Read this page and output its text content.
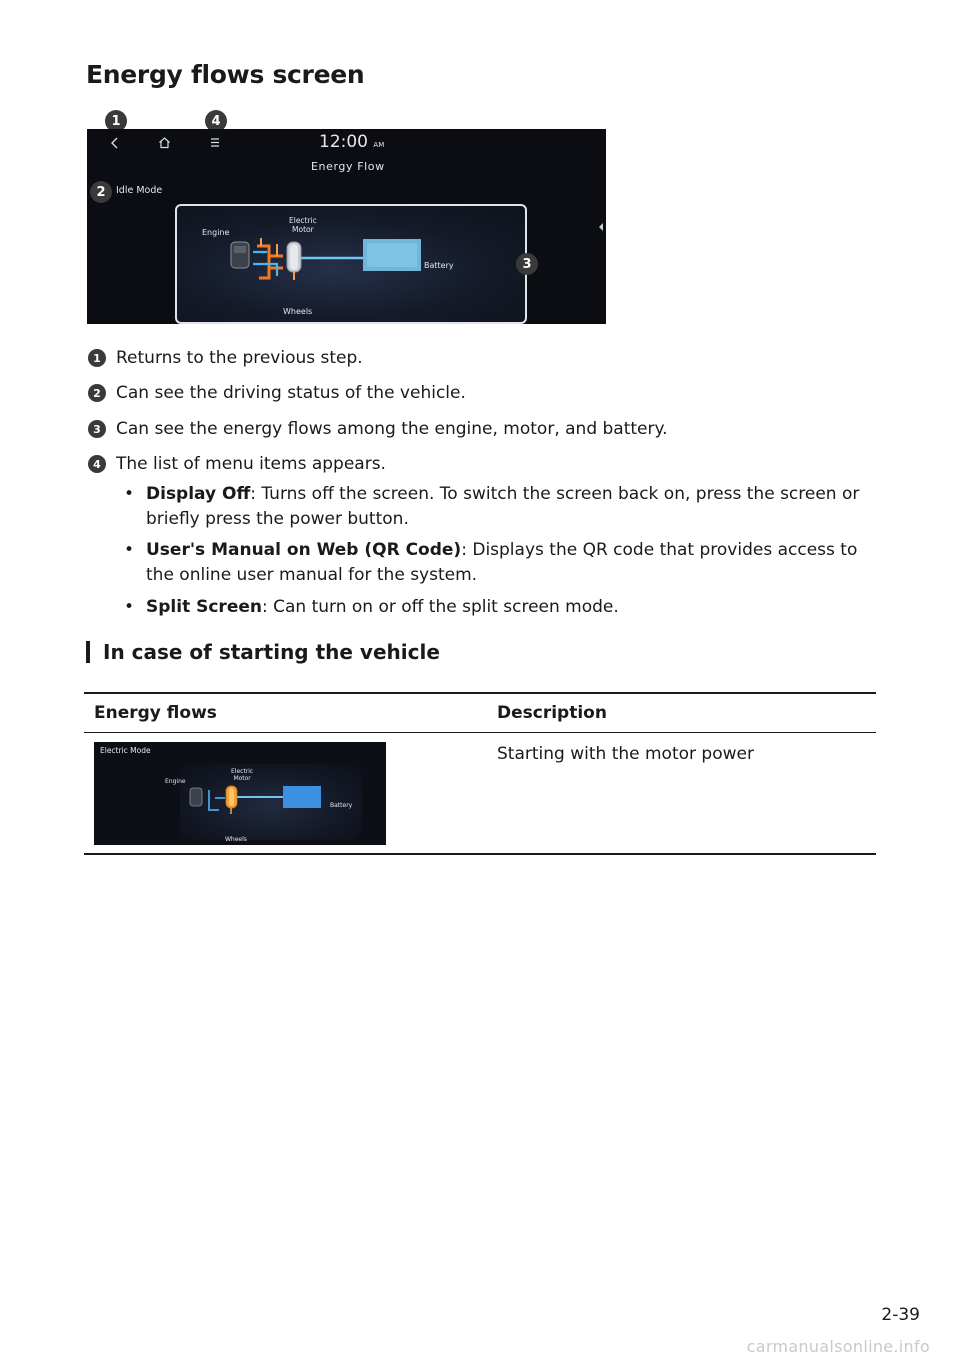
Energy flows screen
1	4
12:00 AM
Energy Flow
2	Idle Mode
Engine
Electric
Motor
Battery
Wheels
3
1 Returns to the previous step.
2 Can see the driving status of the vehicle.
3 Can see the energy flows among the engine, motor, and battery.
4 The list of menu items appears.
• Display Off: Turns off the screen. To switch the screen back on, press the screen or briefly press the power button.
• User's Manual on Web (QR Code): Displays the QR code that provides access to the online user manual for the system.
• Split Screen: Can turn on or off the split screen mode.
In case of starting the vehicle
Energy flows	Description
Electric Mode
Engine
Electric
Motor
Battery
Wheels
Starting with the motor power
2-39
carmanualsonline.info
